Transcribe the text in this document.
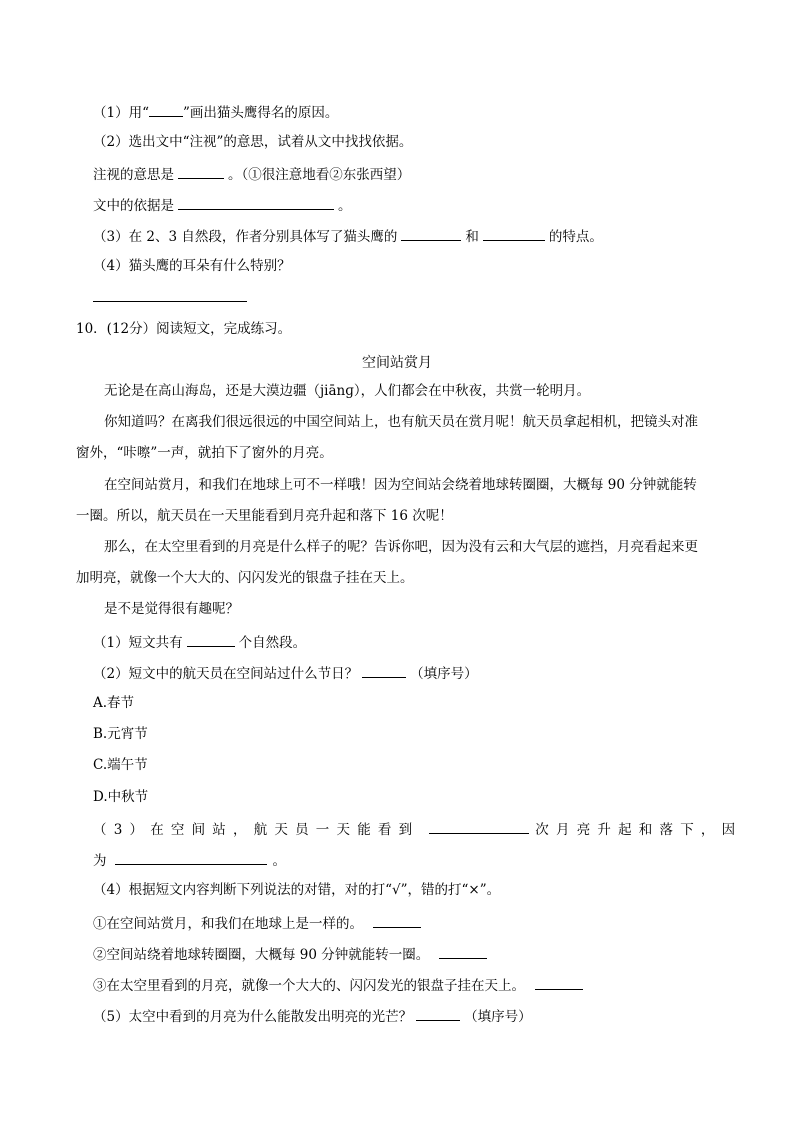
（1）用“	”画出猫头鹰得名的原因。
（2）选出文中“注视”的意思，试着从文中找找依据。
注视的意思是	。（①很注意地看②东张西望）
文中的依据是	。
（3）在 2、3 自然段，作者分别具体写了猫头鹰的	和	的特点。
（4）猫头鹰的耳朵有什么特别？
10．(12分）阅读短文，完成练习。
空间站赏月
无论是在高山海岛，还是大漠边疆（jiānɡ），人们都会在中秋夜，共赏一轮明月。
你知道吗？在离我们很远很远的中国空间站上，也有航天员在赏月呢！航天员拿起相机，把镜头对准
窗外，“咔嚓”一声，就拍下了窗外的月亮。
在空间站赏月，和我们在地球上可不一样哦！因为空间站会绕着地球转圈圈，大概每 90 分钟就能转
一圈。所以，航天员在一天里能看到月亮升起和落下 16 次呢！
那么，在太空里看到的月亮是什么样子的呢？告诉你吧，因为没有云和大气层的遮挡，月亮看起来更
加明亮，就像一个大大的、闪闪发光的银盘子挂在天上。
是不是觉得很有趣呢？
（1）短文共有	个自然段。
（2）短文中的航天员在空间站过什么节日？	（填序号）
A.春节
B.元宵节
C.端午节
D.中秋节
（3）在空间站，航天员一天能看到	次月亮升起和落下，因
为	。
（4）根据短文内容判断下列说法的对错，对的打“√”，错的打“×”。
①在空间站赏月，和我们在地球上是一样的。
②空间站绕着地球转圈圈，大概每 90 分钟就能转一圈。
③在太空里看到的月亮，就像一个大大的、闪闪发光的银盘子挂在天上。
（5）太空中看到的月亮为什么能散发出明亮的光芒？	（填序号）
